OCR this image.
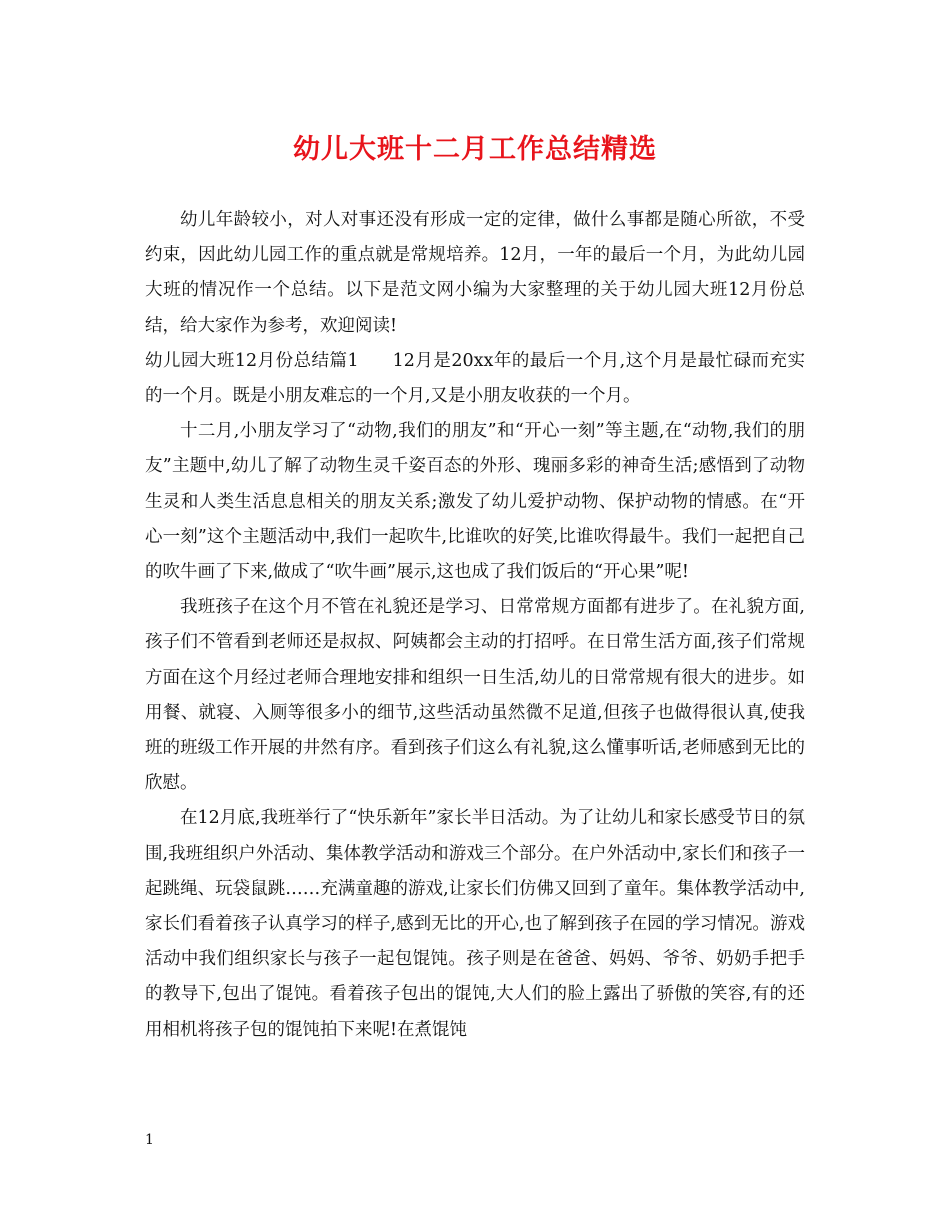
幼儿大班十二月工作总结精选

幼儿年龄较小，对人对事还没有形成一定的定律，做什么事都是随心所欲，不受约束，因此幼儿园工作的重点就是常规培养。12月，一年的最后一个月，为此幼儿园大班的情况作一个总结。以下是范文网小编为大家整理的关于幼儿园大班12月份总结，给大家作为参考，欢迎阅读!

幼儿园大班12月份总结篇1 12月是20xx年的最后一个月,这个月是最忙碌而充实的一个月。既是小朋友难忘的一个月,又是小朋友收获的一个月。

十二月,小朋友学习了“动物,我们的朋友”和“开心一刻”等主题,在“动物,我们的朋友”主题中,幼儿了解了动物生灵千姿百态的外形、瑰丽多彩的神奇生活;感悟到了动物生灵和人类生活息息相关的朋友关系;激发了幼儿爱护动物、保护动物的情感。在“开心一刻”这个主题活动中,我们一起吹牛,比谁吹的好笑,比谁吹得最牛。我们一起把自己的吹牛画了下来,做成了“吹牛画”展示,这也成了我们饭后的“开心果”呢!

我班孩子在这个月不管在礼貌还是学习、日常常规方面都有进步了。在礼貌方面,孩子们不管看到老师还是叔叔、阿姨都会主动的打招呼。在日常生活方面,孩子们常规方面在这个月经过老师合理地安排和组织一日生活,幼儿的日常常规有很大的进步。如用餐、就寝、入厕等很多小的细节,这些活动虽然微不足道,但孩子也做得很认真,使我班的班级工作开展的井然有序。看到孩子们这么有礼貌,这么懂事听话,老师感到无比的欣慰。

在12月底,我班举行了“快乐新年”家长半日活动。为了让幼儿和家长感受节日的氛围,我班组织户外活动、集体教学活动和游戏三个部分。在户外活动中,家长们和孩子一起跳绳、玩袋鼠跳……充满童趣的游戏,让家长们仿佛又回到了童年。集体教学活动中,家长们看着孩子认真学习的样子,感到无比的开心,也了解到孩子在园的学习情况。游戏活动中我们组织家长与孩子一起包馄饨。孩子则是在爸爸、妈妈、爷爷、奶奶手把手的教导下,包出了馄饨。看着孩子包出的馄饨,大人们的脸上露出了骄傲的笑容,有的还用相机将孩子包的馄饨拍下来呢!在煮馄饨

1
